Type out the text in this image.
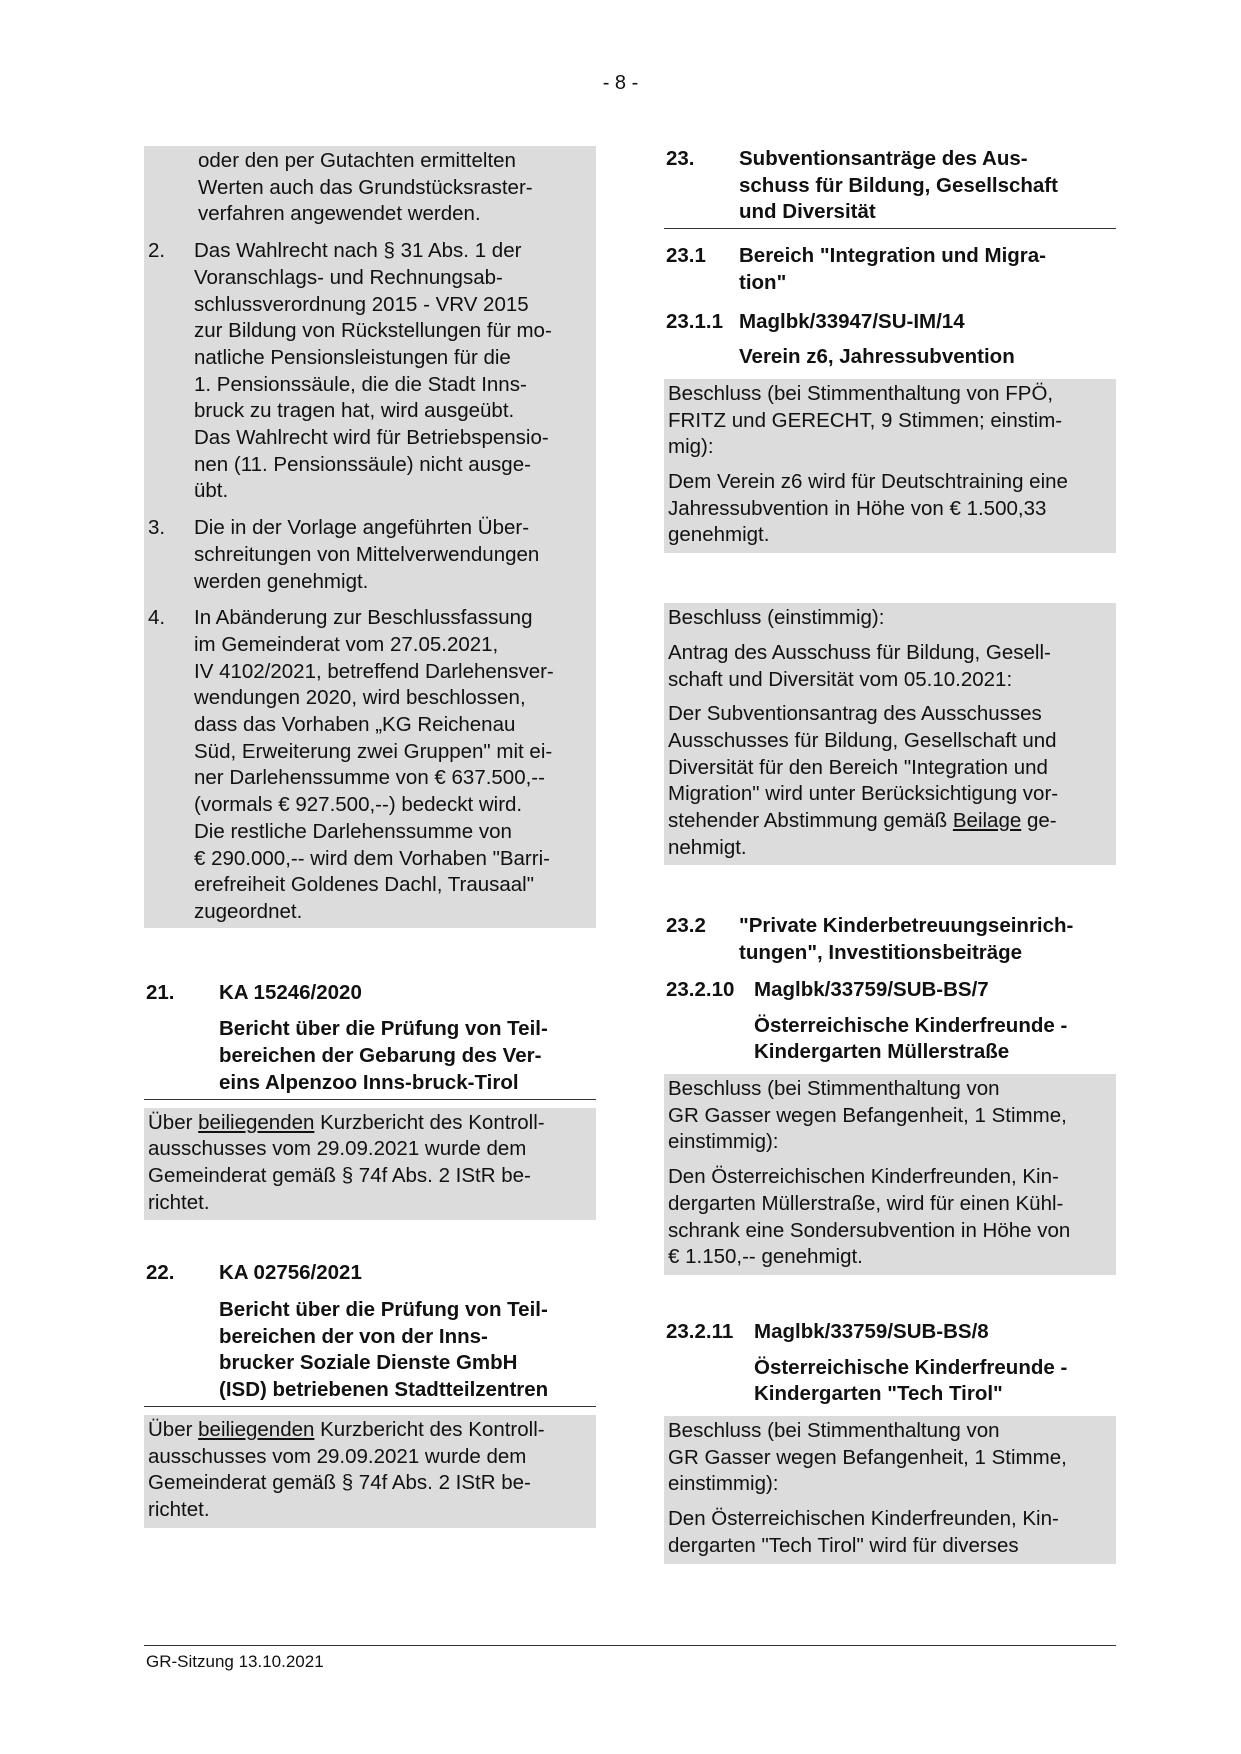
- 8 -
oder den per Gutachten ermittelten
Werten auch das Grundstücksraster-
verfahren angewendet werden.
2.	Das Wahlrecht nach § 31 Abs. 1 der
Voranschlags- und Rechnungsab-
schlussverordnung 2015 - VRV 2015
zur Bildung von Rückstellungen für mo-
natliche Pensionsleistungen für die
1. Pensionssäule, die die Stadt Inns-
bruck zu tragen hat, wird ausgeübt.
Das Wahlrecht wird für Betriebspensio-
nen (11. Pensionssäule) nicht ausge-
übt.
3.	Die in der Vorlage angeführten Über-
schreitungen von Mittelverwendungen
werden genehmigt.
4.	In Abänderung zur Beschlussfassung
im Gemeinderat vom 27.05.2021,
IV 4102/2021, betreffend Darlehensver-
wendungen 2020, wird beschlossen,
dass das Vorhaben „KG Reichenau
Süd, Erweiterung zwei Gruppen" mit ei-
ner Darlehenssumme von € 637.500,--
(vormals € 927.500,--) bedeckt wird.
Die restliche Darlehenssumme von
€ 290.000,-- wird dem Vorhaben "Barri-
erefreiheit Goldenes Dachl, Trausaal"
zugeordnet.
21.	KA 15246/2020
Bericht über die Prüfung von Teil-
bereichen der Gebarung des Ver-
eins Alpenzoo Inns-bruck-Tirol
Über beiliegenden Kurzbericht des Kontroll-
ausschusses vom 29.09.2021 wurde dem
Gemeinderat gemäß § 74f Abs. 2 IStR be-
richtet.
22.	KA 02756/2021
Bericht über die Prüfung von Teil-
bereichen der von der Inns-
brucker Soziale Dienste GmbH
(ISD) betriebenen Stadtteilzentren
Über beiliegenden Kurzbericht des Kontroll-
ausschusses vom 29.09.2021 wurde dem
Gemeinderat gemäß § 74f Abs. 2 IStR be-
richtet.
23.	Subventionsanträge des Aus-
schuss für Bildung, Gesellschaft
und Diversität
23.1	Bereich "Integration und Migra-
tion"
23.1.1 Maglbk/33947/SU-IM/14
Verein z6, Jahressubvention
Beschluss (bei Stimmenthaltung von FPÖ,
FRITZ und GERECHT, 9 Stimmen; einstim-
mig):
Dem Verein z6 wird für Deutschtraining eine
Jahressubvention in Höhe von € 1.500,33
genehmigt.
Beschluss (einstimmig):
Antrag des Ausschuss für Bildung, Gesell-
schaft und Diversität vom 05.10.2021:
Der Subventionsantrag des Ausschusses
Ausschusses für Bildung, Gesellschaft und
Diversität für den Bereich "Integration und
Migration" wird unter Berücksichtigung vor-
stehender Abstimmung gemäß Beilage ge-
nehmigt.
23.2	"Private Kinderbetreuungseinrich-
tungen", Investitionsbeiträge
23.2.10 Maglbk/33759/SUB-BS/7
Österreichische Kinderfreunde -
Kindergarten Müllerstraße
Beschluss (bei Stimmenthaltung von
GR Gasser wegen Befangenheit, 1 Stimme,
einstimmig):
Den Österreichischen Kinderfreunden, Kin-
dergarten Müllerstraße, wird für einen Kühl-
schrank eine Sondersubvention in Höhe von
€ 1.150,-- genehmigt.
23.2.11	Maglbk/33759/SUB-BS/8
Österreichische Kinderfreunde -
Kindergarten "Tech Tirol"
Beschluss (bei Stimmenthaltung von
GR Gasser wegen Befangenheit, 1 Stimme,
einstimmig):
Den Österreichischen Kinderfreunden, Kin-
dergarten "Tech Tirol" wird für diverses
GR-Sitzung 13.10.2021
